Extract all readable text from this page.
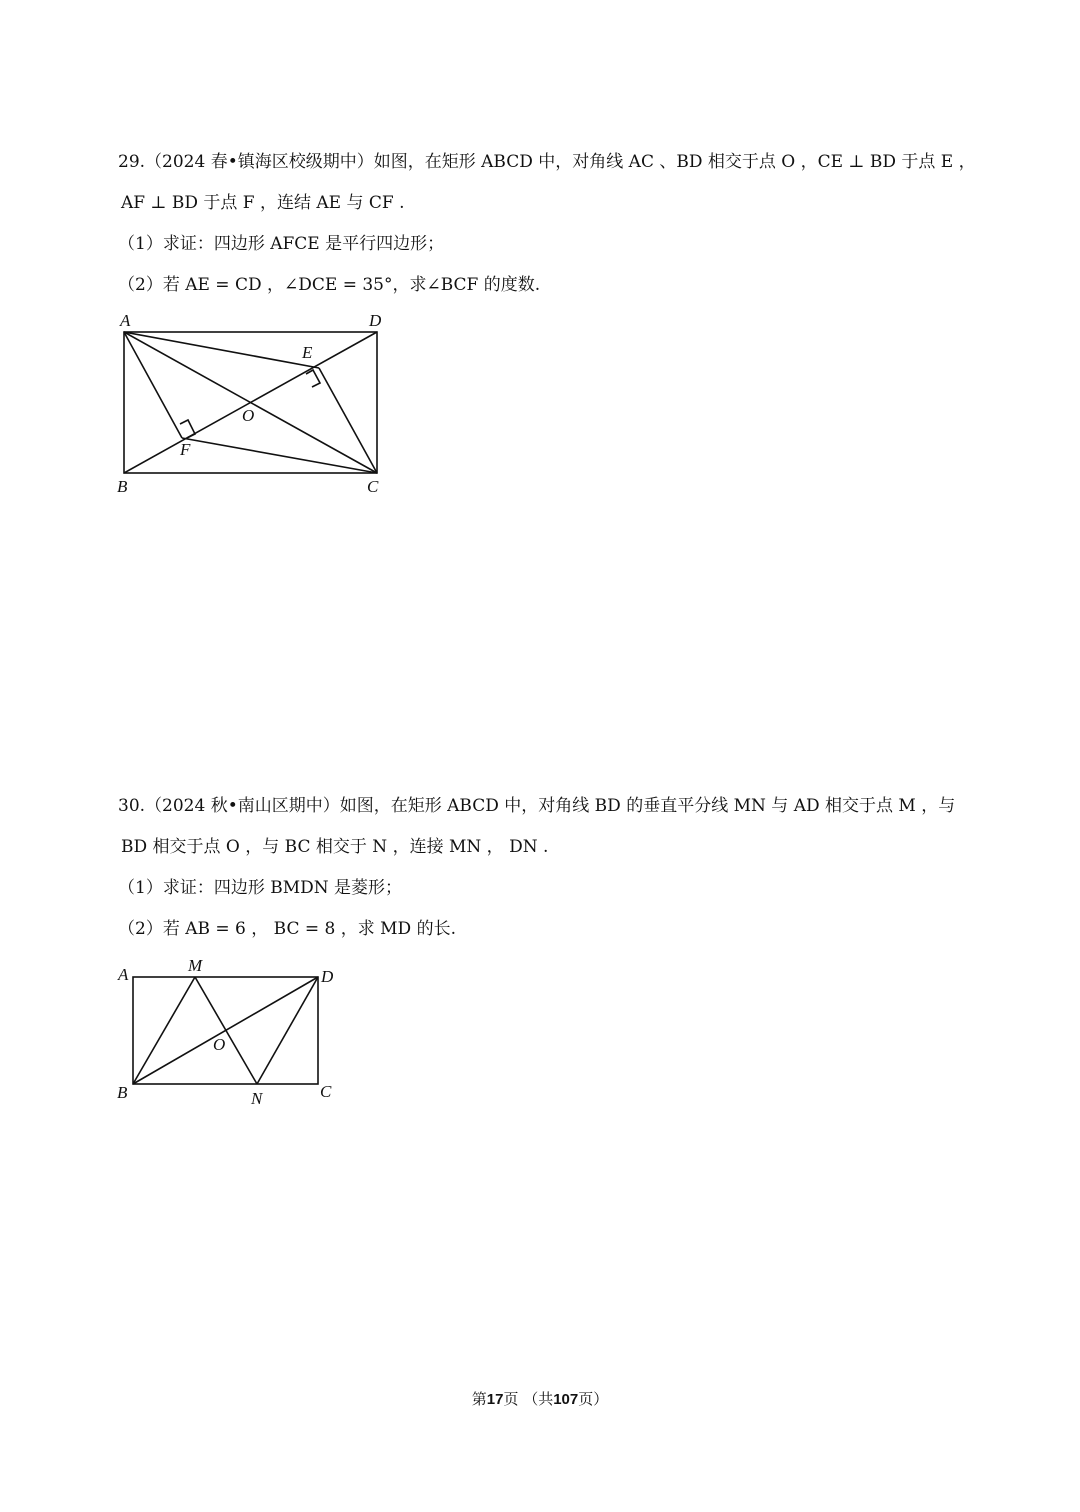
29.（2024 春•镇海区校级期中）如图，在矩形 ABCD 中，对角线 AC 、BD 相交于点 O ，CE ⊥ BD 于点 E ，
AF ⊥ BD 于点 F ，连结 AE 与 CF .
（1）求证：四边形 AFCE 是平行四边形；
（2）若 AE = CD ，∠DCE = 35°，求∠BCF 的度数.
A	D
E
O
F
B	C
30.（2024 秋•南山区期中）如图，在矩形 ABCD 中，对角线 BD 的垂直平分线 MN 与 AD 相交于点 M ，与
BD 相交于点 O ，与 BC 相交于 N ，连接 MN ， DN .
（1）求证：四边形 BMDN 是菱形；
（2）若 AB = 6 ， BC = 8 ，求 MD 的长.
A	M
D
O
B	N	C
第17页 （共107页）
